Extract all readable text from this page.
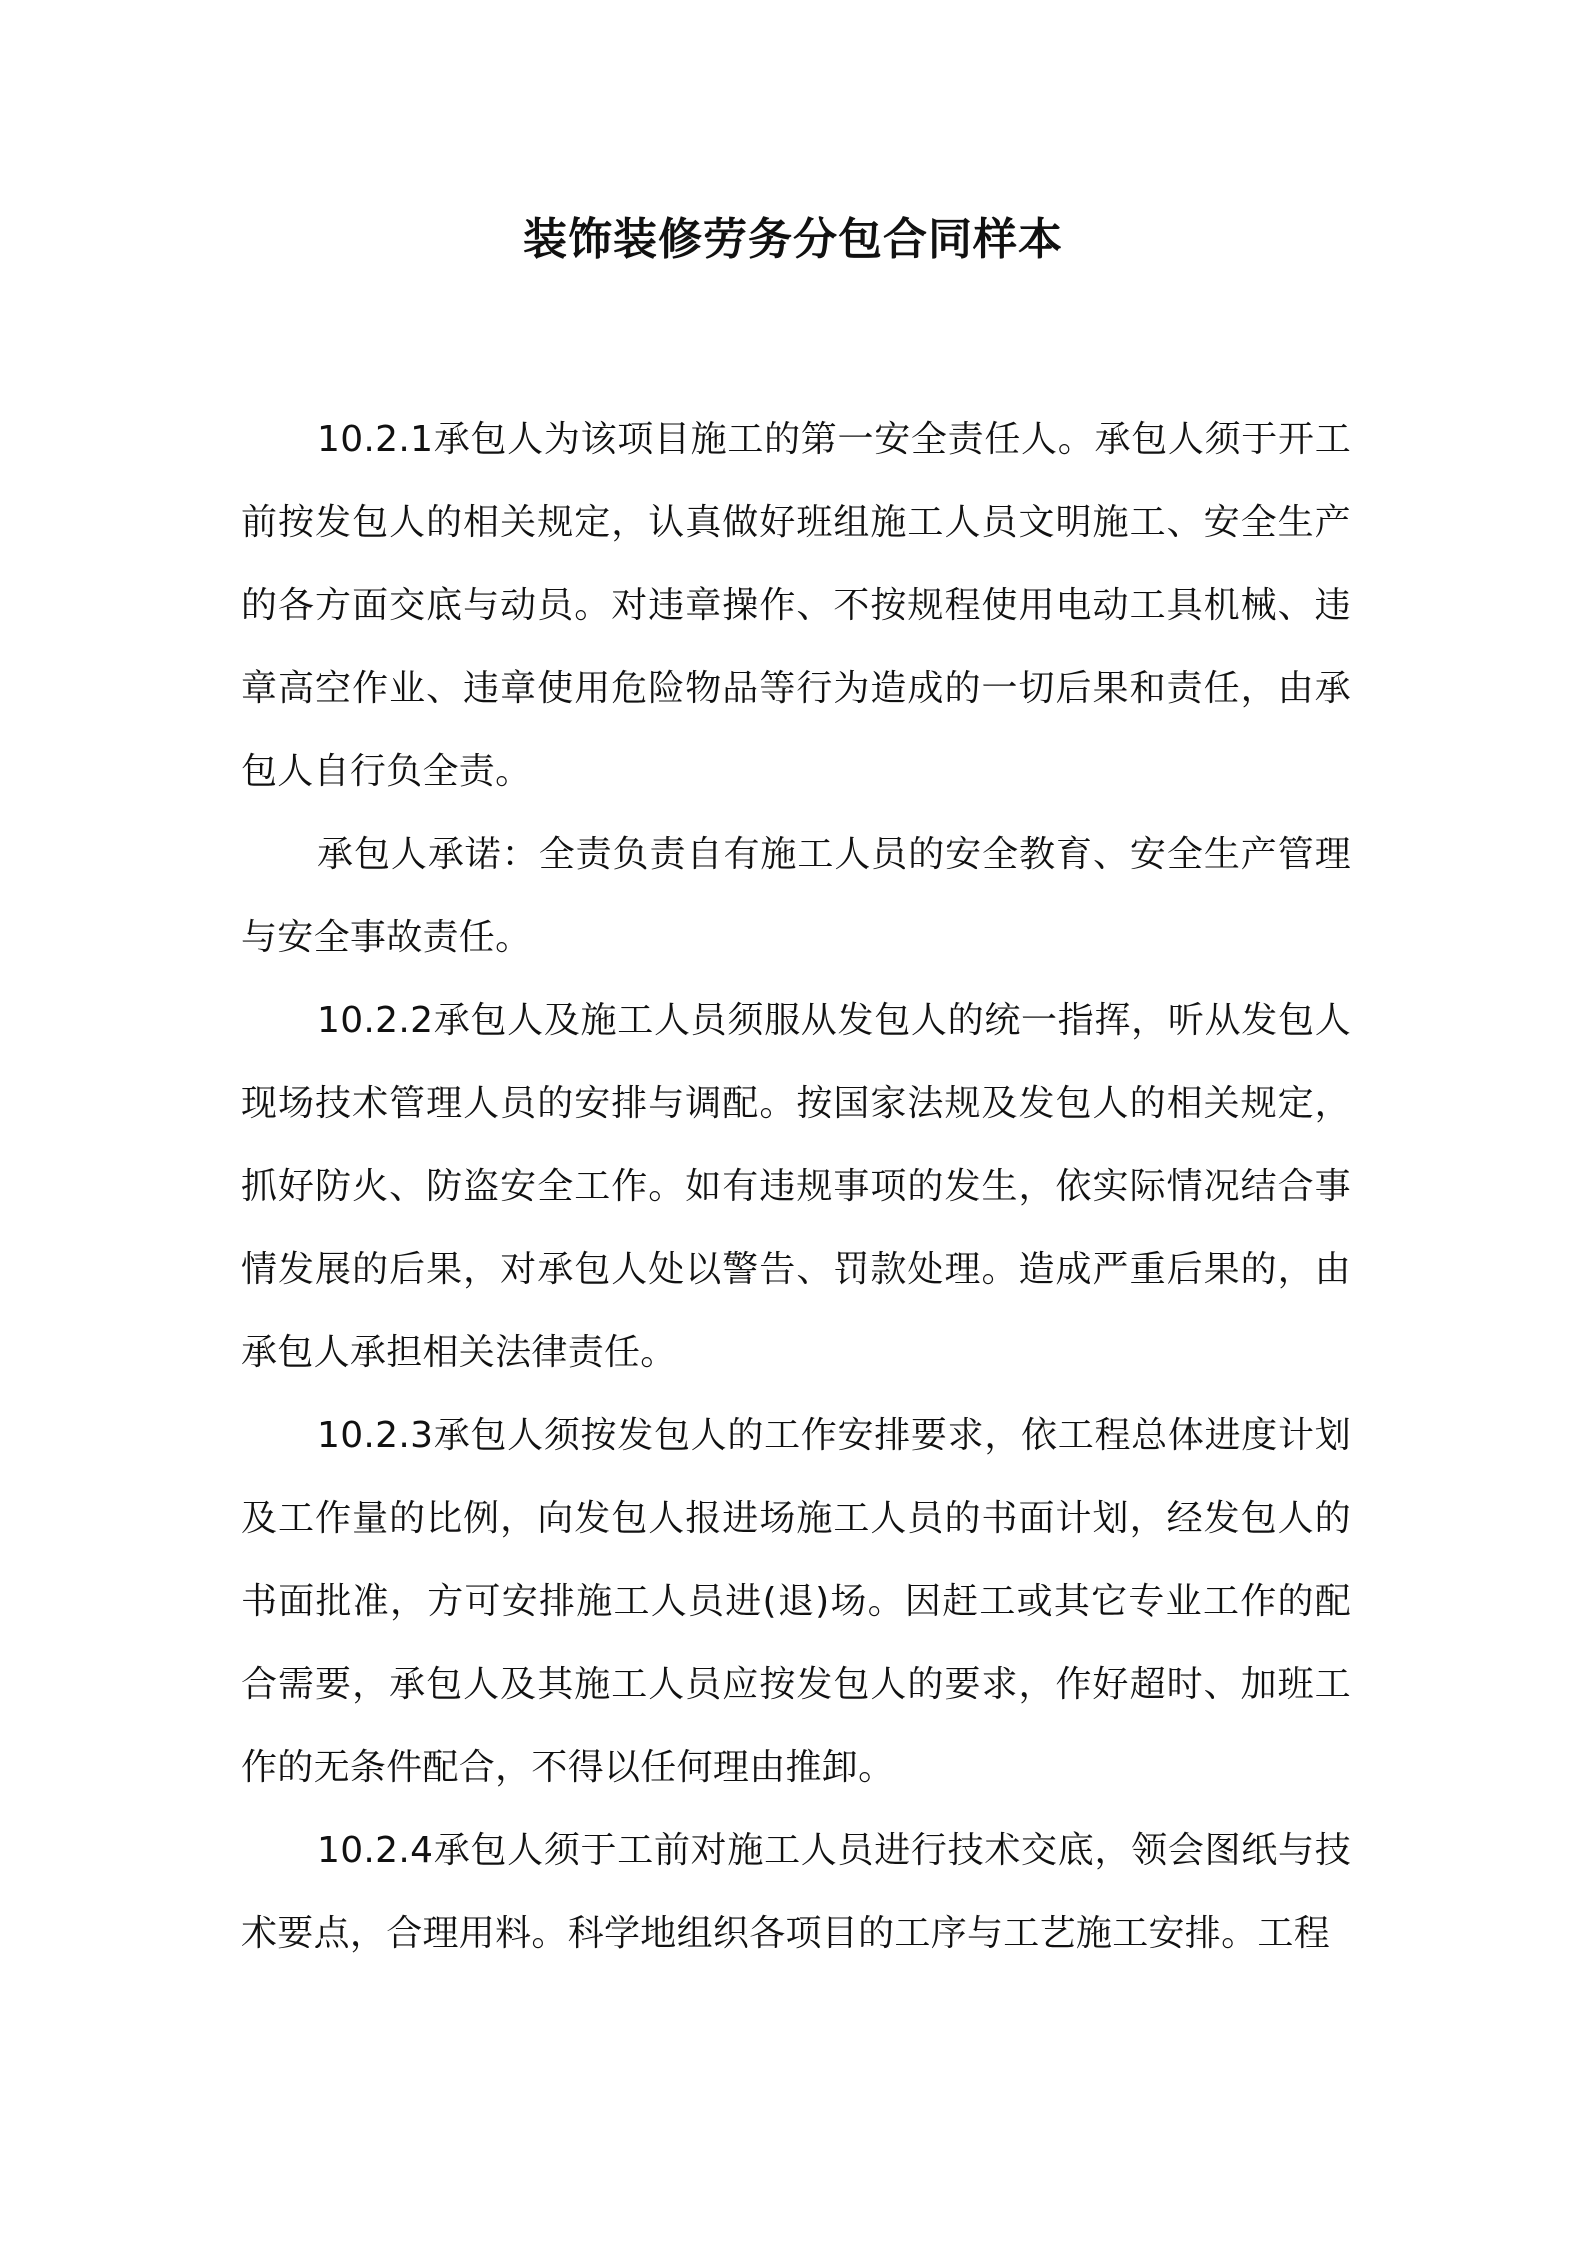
装饰装修劳务分包合同样本

10.2.1承包人为该项目施工的第一安全责任人。承包人须于开工前按发包人的相关规定，认真做好班组施工人员文明施工、安全生产的各方面交底与动员。对违章操作、不按规程使用电动工具机械、违章高空作业、违章使用危险物品等行为造成的一切后果和责任，由承包人自行负全责。

承包人承诺：全责负责自有施工人员的安全教育、安全生产管理与安全事故责任。

10.2.2承包人及施工人员须服从发包人的统一指挥，听从发包人现场技术管理人员的安排与调配。按国家法规及发包人的相关规定，抓好防火、防盗安全工作。如有违规事项的发生，依实际情况结合事情发展的后果，对承包人处以警告、罚款处理。造成严重后果的，由承包人承担相关法律责任。

10.2.3承包人须按发包人的工作安排要求，依工程总体进度计划及工作量的比例，向发包人报进场施工人员的书面计划，经发包人的书面批准，方可安排施工人员进(退)场。因赶工或其它专业工作的配合需要，承包人及其施工人员应按发包人的要求，作好超时、加班工作的无条件配合，不得以任何理由推卸。

10.2.4承包人须于工前对施工人员进行技术交底，领会图纸与技术要点，合理用料。科学地组织各项目的工序与工艺施工安排。工程
